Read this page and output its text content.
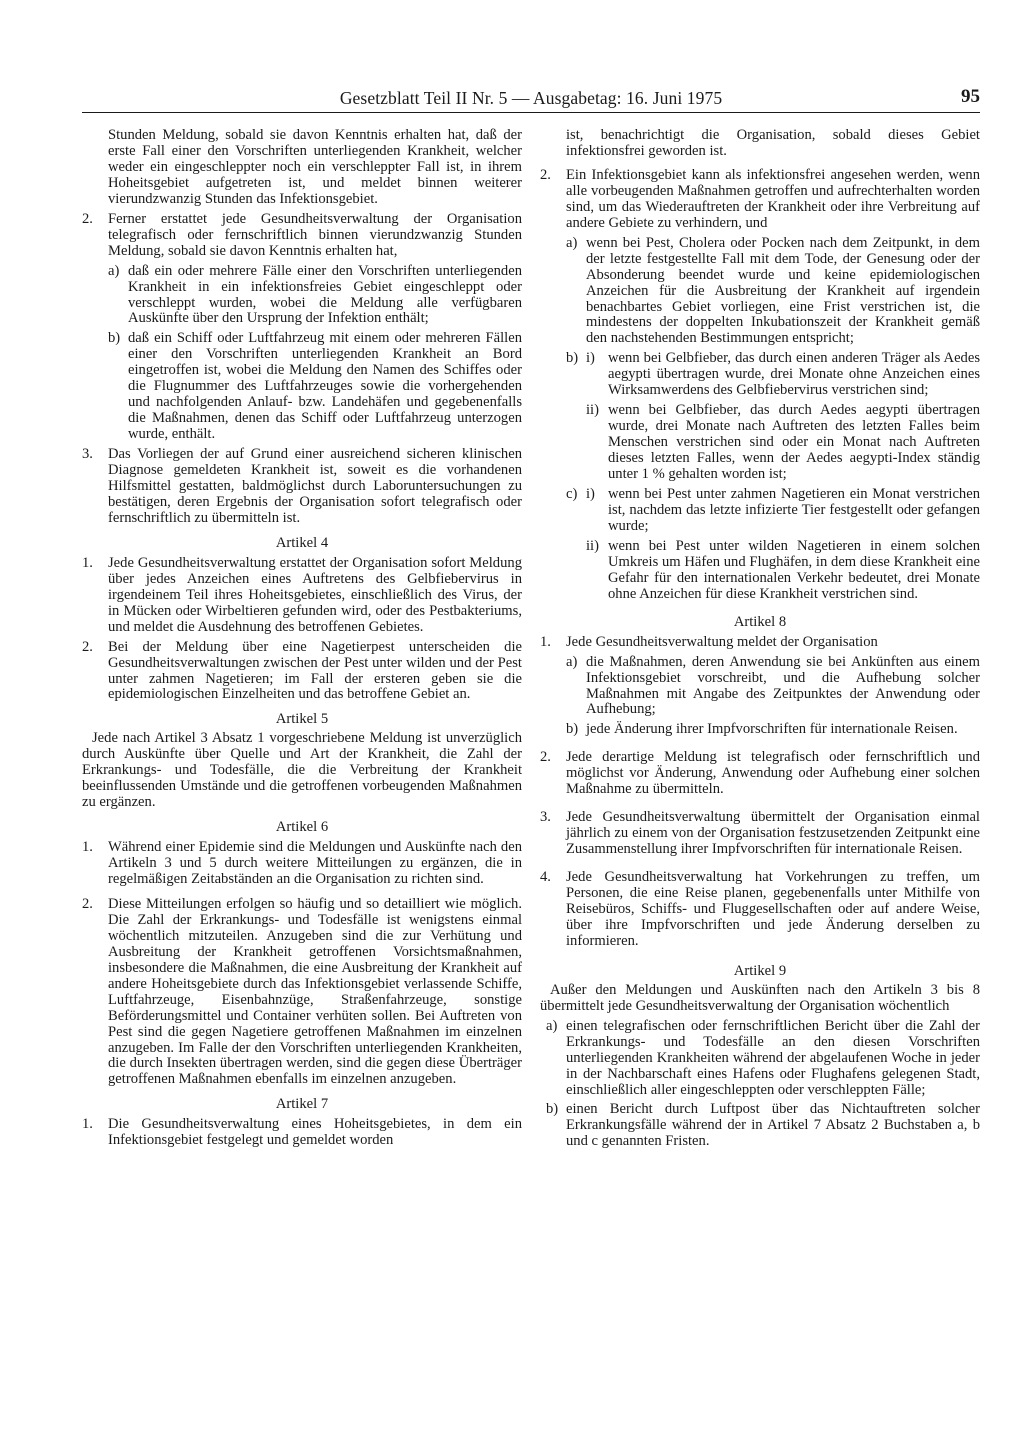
Gesetzblatt Teil II Nr. 5 — Ausgabetag: 16. Juni 1975	95

Stunden Meldung, sobald sie davon Kenntnis erhalten hat, daß der erste Fall einer den Vorschriften unterliegenden Krankheit, welcher weder ein eingeschleppter noch ein verschleppter Fall ist, in ihrem Hoheitsgebiet aufgetreten ist, und meldet binnen weiterer vierundzwanzig Stunden das Infektionsgebiet.

2.	Ferner erstattet jede Gesundheitsverwaltung der Organisation telegrafisch oder fernschriftlich binnen vierundzwanzig Stunden Meldung, sobald sie davon Kenntnis erhalten hat,

a) daß ein oder mehrere Fälle einer den Vorschriften unterliegenden Krankheit in ein infektionsfreies Gebiet eingeschleppt oder verschleppt wurden, wobei die Meldung alle verfügbaren Auskünfte über den Ursprung der Infektion enthält;

b) daß ein Schiff oder Luftfahrzeug mit einem oder mehreren Fällen einer den Vorschriften unterliegenden Krankheit an Bord eingetroffen ist, wobei die Meldung den Namen des Schiffes oder die Flugnummer des Luftfahrzeuges sowie die vorhergehenden und nachfolgenden Anlauf- bzw. Landehäfen und gegebenenfalls die Maßnahmen, denen das Schiff oder Luftfahrzeug unterzogen wurde, enthält.

3.	Das Vorliegen der auf Grund einer ausreichend sicheren klinischen Diagnose gemeldeten Krankheit ist, soweit es die vorhandenen Hilfsmittel gestatten, baldmöglichst durch Laboruntersuchungen zu bestätigen, deren Ergebnis der Organisation sofort telegrafisch oder fernschriftlich zu übermitteln ist.

Artikel 4
1.	Jede Gesundheitsverwaltung erstattet der Organisation sofort Meldung über jedes Anzeichen eines Auftretens des Gelbfiebervirus in irgendeinem Teil ihres Hoheitsgebietes, einschließlich des Virus, der in Mücken oder Wirbeltieren gefunden wird, oder des Pestbakteriums, und meldet die Ausdehnung des betroffenen Gebietes.

2.	Bei der Meldung über eine Nagetierpest unterscheiden die Gesundheitsverwaltungen zwischen der Pest unter wilden und der Pest unter zahmen Nagetieren; im Fall der ersteren geben sie die epidemiologischen Einzelheiten und das betroffene Gebiet an.

Artikel 5

Jede nach Artikel 3 Absatz 1 vorgeschriebene Meldung ist unverzüglich durch Auskünfte über Quelle und Art der Krankheit, die Zahl der Erkrankungs- und Todesfälle, die die Verbreitung der Krankheit beeinflussenden Umstände und die getroffenen vorbeugenden Maßnahmen zu ergänzen.

Artikel 6
1.	Während einer Epidemie sind die Meldungen und Auskünfte nach den Artikeln 3 und 5 durch weitere Mitteilungen zu ergänzen, die in regelmäßigen Zeitabständen an die Organisation zu richten sind.

2.	Diese Mitteilungen erfolgen so häufig und so detailliert wie möglich. Die Zahl der Erkrankungs- und Todesfälle ist wenigstens einmal wöchentlich mitzuteilen. Anzugeben sind die zur Verhütung und Ausbreitung der Krankheit getroffenen Vorsichtsmaßnahmen, insbesondere die Maßnahmen, die eine Ausbreitung der Krankheit auf andere Hoheitsgebiete durch das Infektionsgebiet verlassende Schiffe, Luftfahrzeuge, Eisenbahnzüge, Straßenfahrzeuge, sonstige Beförderungsmittel und Container verhüten sollen. Bei Auftreten von Pest sind die gegen Nagetiere getroffenen Maßnahmen im einzelnen anzugeben. Im Falle der den Vorschriften unterliegenden Krankheiten, die durch Insekten übertragen werden, sind die gegen diese Überträger getroffenen Maßnahmen ebenfalls im einzelnen anzugeben.

Artikel 7
1.	Die Gesundheitsverwaltung eines Hoheitsgebietes, in dem ein Infektionsgebiet festgelegt und gemeldet worden

ist, benachrichtigt die Organisation, sobald dieses Gebiet infektionsfrei geworden ist.

2.	Ein Infektionsgebiet kann als infektionsfrei angesehen werden, wenn alle vorbeugenden Maßnahmen getroffen und aufrechterhalten worden sind, um das Wiederauftreten der Krankheit oder ihre Verbreitung auf andere Gebiete zu verhindern, und

a) wenn bei Pest, Cholera oder Pocken nach dem Zeitpunkt, in dem der letzte festgestellte Fall mit dem Tode, der Genesung oder der Absonderung beendet wurde und keine epidemiologischen Anzeichen für die Ausbreitung der Krankheit auf irgendein benachbartes Gebiet vorliegen, eine Frist verstrichen ist, die mindestens der doppelten Inkubationszeit der Krankheit gemäß den nachstehenden Bestimmungen entspricht;

b) i) wenn bei Gelbfieber, das durch einen anderen Träger als Aedes aegypti übertragen wurde, drei Monate ohne Anzeichen eines Wirksamwerdens des Gelbfiebervirus verstrichen sind;

ii) wenn bei Gelbfieber, das durch Aedes aegypti übertragen wurde, drei Monate nach Auftreten des letzten Falles beim Menschen verstrichen sind oder ein Monat nach Auftreten dieses letzten Falles, wenn der Aedes aegypti-Index ständig unter 1 % gehalten worden ist;

c) i) wenn bei Pest unter zahmen Nagetieren ein Monat verstrichen ist, nachdem das letzte infizierte Tier festgestellt oder gefangen wurde;

ii) wenn bei Pest unter wilden Nagetieren in einem solchen Umkreis um Häfen und Flughäfen, in dem diese Krankheit eine Gefahr für den internationalen Verkehr bedeutet, drei Monate ohne Anzeichen für diese Krankheit verstrichen sind.

Artikel 8
1.	Jede Gesundheitsverwaltung meldet der Organisation

a) die Maßnahmen, deren Anwendung sie bei Ankünften aus einem Infektionsgebiet vorschreibt, und die Aufhebung solcher Maßnahmen mit Angabe des Zeitpunktes der Anwendung oder Aufhebung;

b) jede Änderung ihrer Impfvorschriften für internationale Reisen.

2.	Jede derartige Meldung ist telegrafisch oder fernschriftlich und möglichst vor Änderung, Anwendung oder Aufhebung einer solchen Maßnahme zu übermitteln.

3.	Jede Gesundheitsverwaltung übermittelt der Organisation einmal jährlich zu einem von der Organisation festzusetzenden Zeitpunkt eine Zusammenstellung ihrer Impfvorschriften für internationale Reisen.

4.	Jede Gesundheitsverwaltung hat Vorkehrungen zu treffen, um Personen, die eine Reise planen, gegebenenfalls unter Mithilfe von Reisebüros, Schiffs- und Fluggesellschaften oder auf andere Weise, über ihre Impfvorschriften und jede Änderung derselben zu informieren.

Artikel 9

Außer den Meldungen und Auskünften nach den Artikeln 3 bis 8 übermittelt jede Gesundheitsverwaltung der Organisation wöchentlich

a) einen telegrafischen oder fernschriftlichen Bericht über die Zahl der Erkrankungs- und Todesfälle an den diesen Vorschriften unterliegenden Krankheiten während der abgelaufenen Woche in jeder in der Nachbarschaft eines Hafens oder Flughafens gelegenen Stadt, einschließlich aller eingeschleppten oder verschleppten Fälle;

b) einen Bericht durch Luftpost über das Nichtauftreten solcher Erkrankungsfälle während der in Artikel 7 Absatz 2 Buchstaben a, b und c genannten Fristen.
